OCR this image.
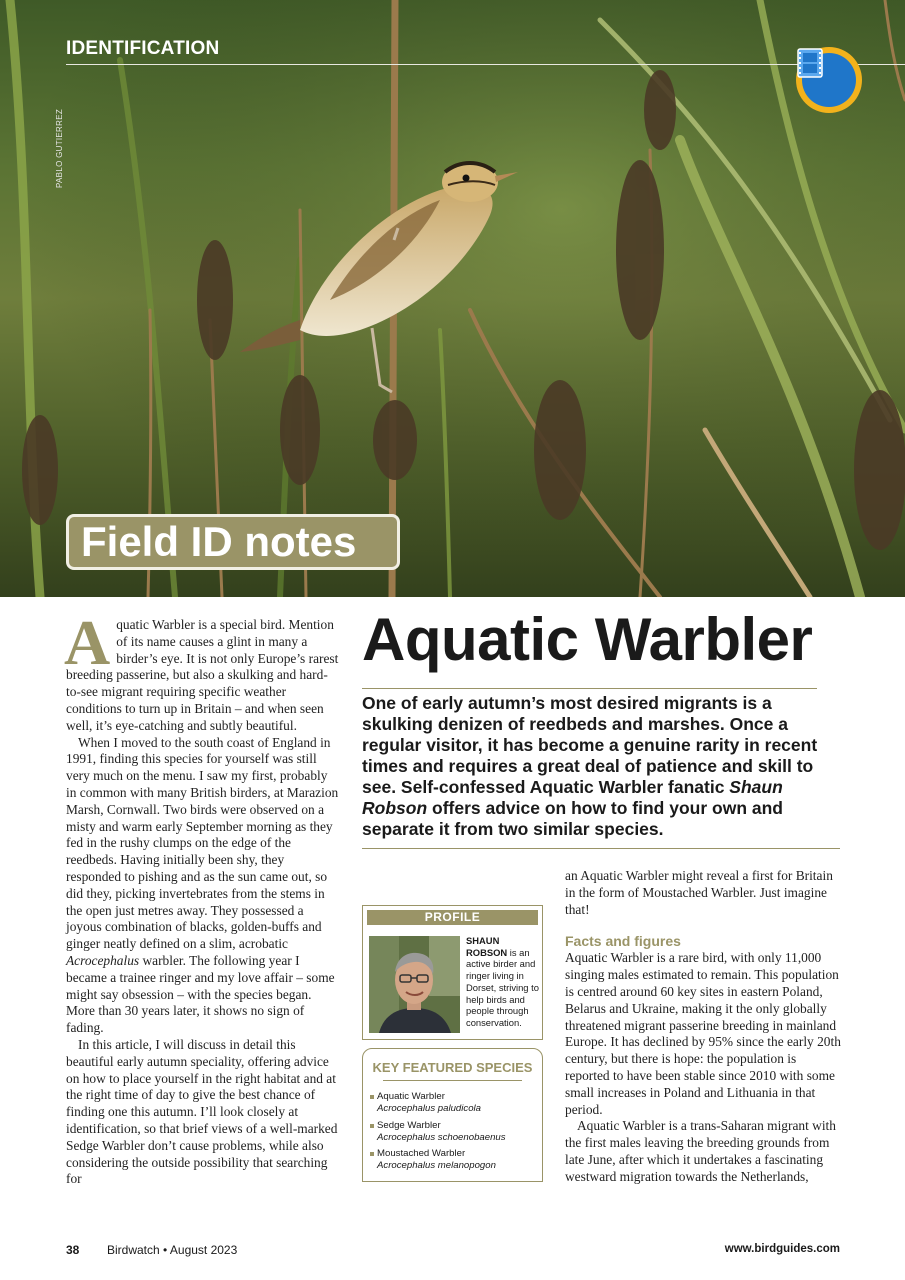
IDENTIFICATION
PABLO GUTIERREZ
Field ID notes
Aquatic Warbler
One of early autumn’s most desired migrants is a skulking denizen of reedbeds and marshes. Once a regular visitor, it has become a genuine rarity in recent times and requires a great deal of patience and skill to see. Self-confessed Aquatic Warbler fanatic Shaun Robson offers advice on how to find your own and separate it from two similar species.

Aquatic Warbler is a special bird. Mention of its name causes a glint in many a birder’s eye. It is not only Europe’s rarest breeding passerine, but also a skulking and hard-to-see migrant requiring specific weather conditions to turn up in Britain – and when seen well, it’s eye-catching and subtly beautiful.

When I moved to the south coast of England in 1991, finding this species for yourself was still very much on the menu. I saw my first, probably in common with many British birders, at Marazion Marsh, Cornwall. Two birds were observed on a misty and warm early September morning as they fed in the rushy clumps on the edge of the reedbeds. Having initially been shy, they responded to pishing and as the sun came out, so did they, picking invertebrates from the stems in the open just metres away. They possessed a joyous combination of blacks, golden-buffs and ginger neatly defined on a slim, acrobatic Acrocephalus warbler. The following year I became a trainee ringer and my love affair – some might say obsession – with the species began. More than 30 years later, it shows no sign of fading.

In this article, I will discuss in detail this beautiful early autumn speciality, offering advice on how to place yourself in the right habitat and at the right time of day to give the best chance of finding one this autumn. I’ll look closely at identification, so that brief views of a well-marked Sedge Warbler don’t cause problems, while also considering the outside possibility that searching for

PROFILE
SHAUN ROBSON is an active birder and ringer living in Dorset, striving to help birds and people through conservation.
KEY FEATURED SPECIES
Aquatic Warbler
Acrocephalus paludicola
Sedge Warbler
Acrocephalus schoenobaenus
Moustached Warbler
Acrocephalus melanopogon

an Aquatic Warbler might reveal a first for Britain in the form of Moustached Warbler. Just imagine that!

Facts and figures

Aquatic Warbler is a rare bird, with only 11,000 singing males estimated to remain. This population is centred around 60 key sites in eastern Poland, Belarus and Ukraine, making it the only globally threatened migrant passerine breeding in mainland Europe. It has declined by 95% since the early 20th century, but there is hope: the population is reported to have been stable since 2010 with some small increases in Poland and Lithuania in that period.

Aquatic Warbler is a trans-Saharan migrant with the first males leaving the breeding grounds from late June, after which it undertakes a fascinating westward migration towards the Netherlands,

38 Birdwatch • August 2023	www.birdguides.com
